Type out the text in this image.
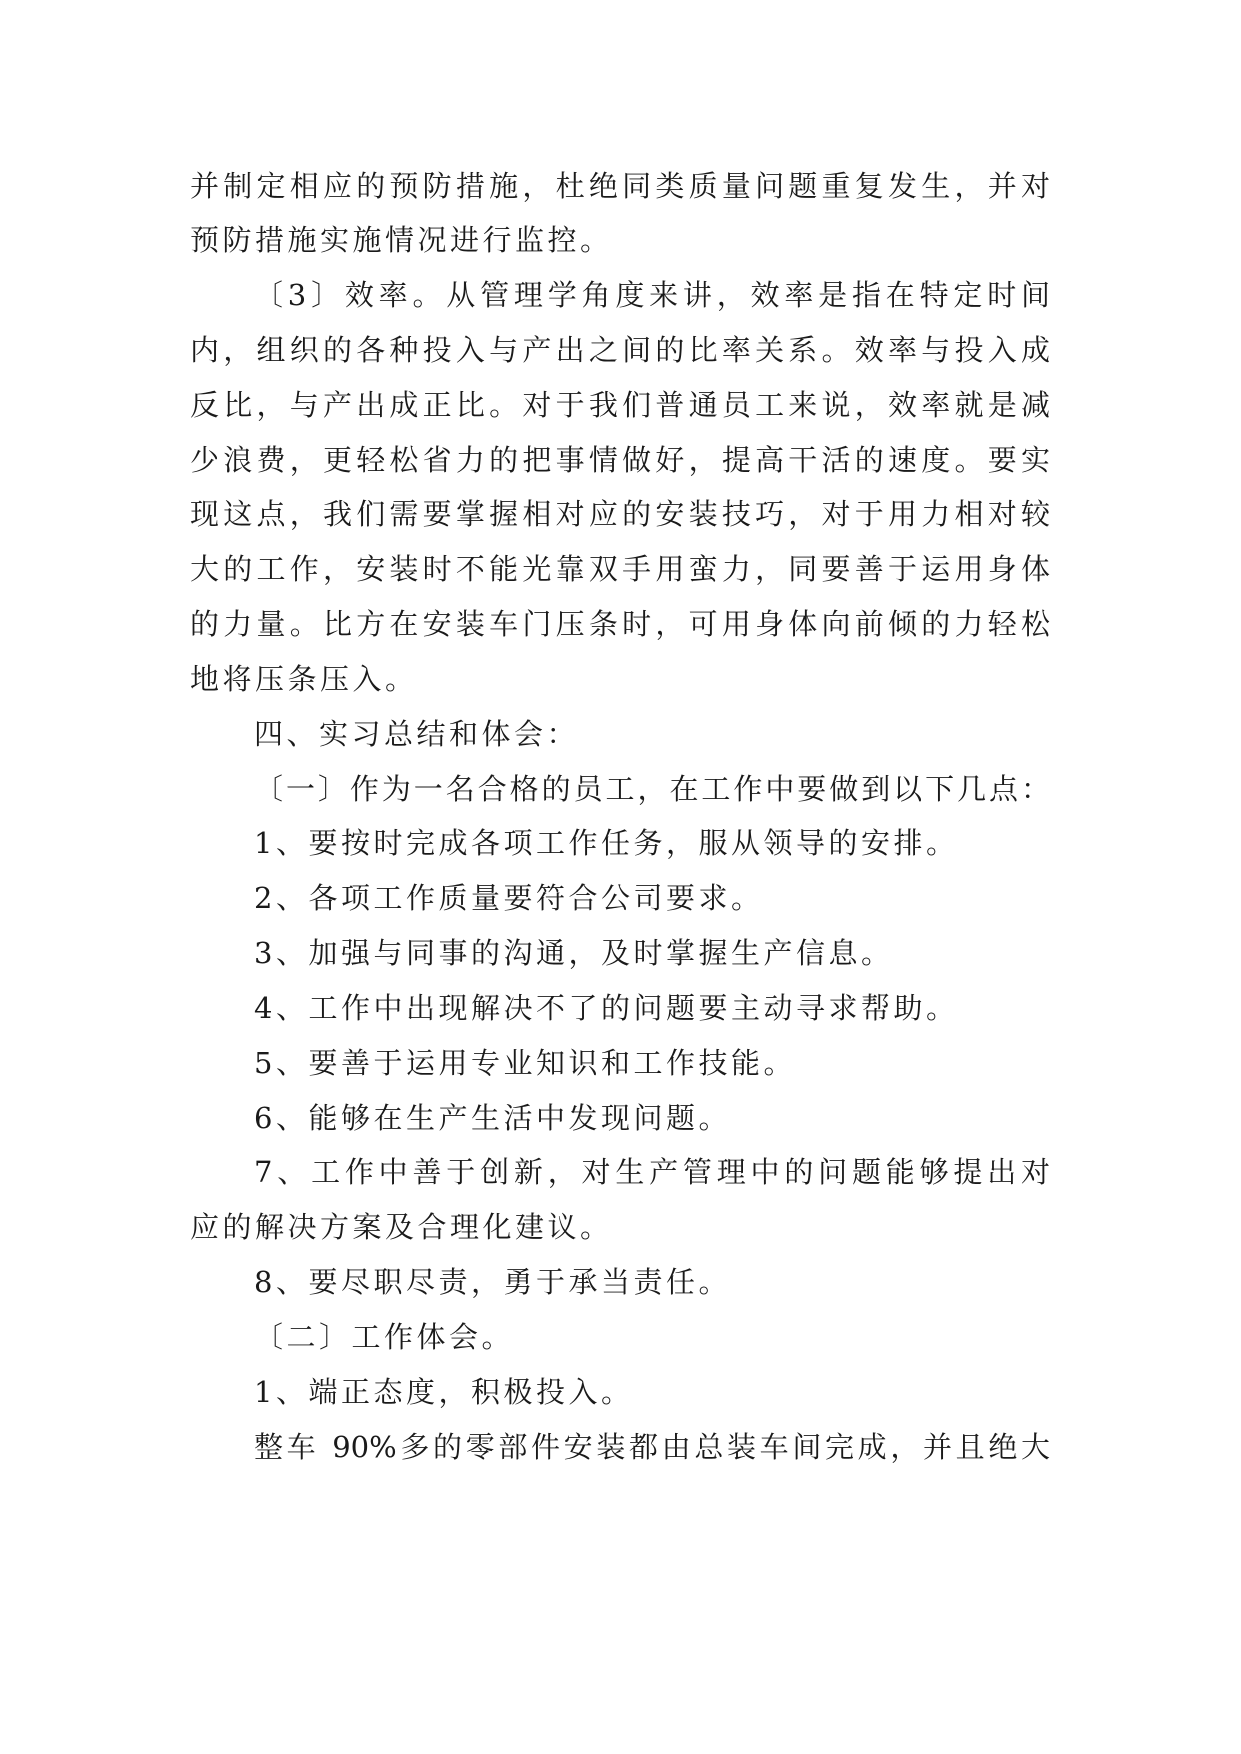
并制定相应的预防措施，杜绝同类质量问题重复发生，并对
预防措施实施情况进行监控。
〔3〕效率。从管理学角度来讲，效率是指在特定时间
内，组织的各种投入与产出之间的比率关系。效率与投入成
反比，与产出成正比。对于我们普通员工来说，效率就是减
少浪费，更轻松省力的把事情做好，提高干活的速度。要实
现这点，我们需要掌握相对应的安装技巧，对于用力相对较
大的工作，安装时不能光靠双手用蛮力，同要善于运用身体
的力量。比方在安装车门压条时，可用身体向前倾的力轻松
地将压条压入。
四、实习总结和体会：
〔一〕作为一名合格的员工，在工作中要做到以下几点：
1、要按时完成各项工作任务，服从领导的安排。
2、各项工作质量要符合公司要求。
3、加强与同事的沟通，及时掌握生产信息。
4、工作中出现解决不了的问题要主动寻求帮助。
5、要善于运用专业知识和工作技能。
6、能够在生产生活中发现问题。
7、工作中善于创新，对生产管理中的问题能够提出对
应的解决方案及合理化建议。
8、要尽职尽责，勇于承当责任。
〔二〕工作体会。
1、端正态度，积极投入。
整车 90%多的零部件安装都由总装车间完成，并且绝大
